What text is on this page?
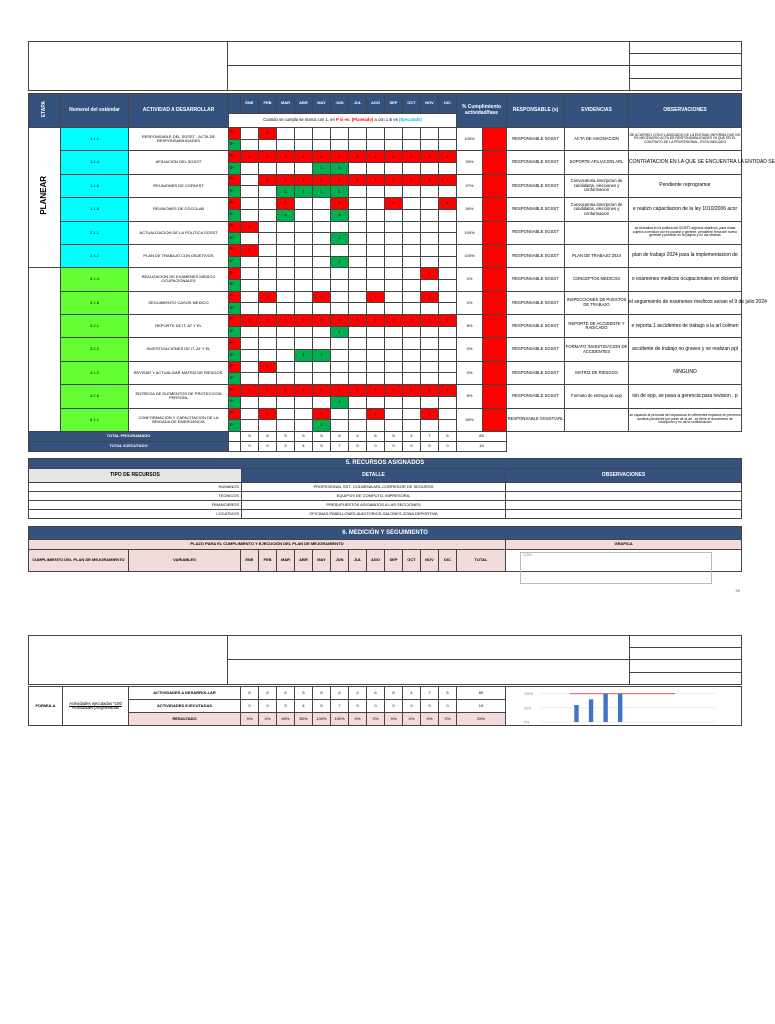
ETAPA	Numeral del estándar	ACTIVIDAD A DESARROLLAR		ENE	FEB	MAR	ABR	MAY	JUN	JUL	AGO	SEP	OCT	NOV	DIC	% Cumplimiento actividad/fase		RESPONSABLE (s)	EVIDENCIAS	OBSERVACIONES
			Cuando se cumpla se marca con 1, en P si es: (Planeado) a con 1 si es (Ejecutado)																	
PLANEAR	1.1.1	RESPONSABLE DEL SGSST - ACTA DE RESPONSABILIDADES	P*		1											100%		RESPONSABLE SGSST	ACTA DE ASIGNACION	DE ACUERDO CON EL ABOGADO DE LA ENTIDAD INFORMA QUE NO ES NECESARIO ACTA DE RESPONSABILIDADES YA QUE EN EL CONTRATO DE LA PROFESIONAL, ESTA INDICADO
			E*																	
	1.1.4	AFILIACIÓN DEL SGSST	P*	1	1	1	1	1	1	1	1	1	1	1	1	33%		RESPONSABLE SGSST	SOPORTE AFILIACION ARL	CONTRATACION EN LA QUE SE ENCUENTRA LA ENTIDAD SE
			E*					1	1											
	1.1.6	REUNIONES DE COPASST	P*		1	1	1	1	1	1	1	1	1	1	1	27%		RESPONSABLE SGSST	Convocatoria,Inscripcion de candidatos, elecciones y conformacion	Pendiente reprogramar
			E*			1	1	1	1											
	1.1.8	REUNIONES DE COCOLAB	P*			1			1			1			1	50%		RESPONSABLE SGSST	Convocatoria,Inscripcion de candidatos, elecciones y conformacion	e realizo capacitacion de la ley 1010/2006 acor
			E*			1			1											
	2.1.1	ACTUALIZACION DE LA POLITICA SGSST	P*	1												100%		RESPONSABLE SGSST		se Actualiza en la politica del SGSST algunos objetivos, para estas sujetos a revision por el copasst y gerente. pendiente firma del nuevo gerente y publicar en la pagina y en las oficinas
			E*						1											
	2.4.1	PLAN DE TRABAJO CON OBJETIVOS	P*	1												100%		RESPONSABLE SGSST	PLAN DE TRABAJO 2024	plan de trabajo 2024 para la implementacion de
			E*						1											
	3.1.4	REALIZACION DE EXAMENES MEDICO OCUPACIONALES	P*											1		0%		RESPONSABLE SGSST	CONCEPTOS MEDICOS	o examenes medicos ocupacionales en diciemb
			E*																	
	3.1.6	SEGUIMIENTO CASOS MEDICO	P*		1			1			1			1		0%		RESPONSABLE SGSST	INSPECCIONES DE PUESTOS DE TRABAJO	el seguimiento de examenes medicos senan el 9 de julio 2024
			E*																	
	3.2.1	REPORTE DE IT, AT Y EL	P*	1	1	1	1	1	1	1	1	1	1	1	1	8%		RESPONSABLE SGSST	REPORTE DE ACCIDENTE Y RADICADO	e reporta 1 accidentes de trabajo a la arl colmen
			E*						1											
	3.2.2	INVESTIGACIONES DE IT, AT Y EL	P*													0%		RESPONSABLE SGSST	FORMATO INVESTIGACION DE ACCIDENTES	accidente de trabajo no graves y se realizan ppl
			E*				1	1												
	4.1.2	REVISAR Y ACTUALIZAR MATRIZ DE RIESGOS.	P*		1											0%		RESPONSABLE SGSST	MATRIZ DE RIESGOS	NINGUNO
			E*																	
	4.2.6	ENTREGA DE ELEMENTOS DE PROTECCION PERSONL	P*	1	1	1	1	1	1	1	1	1	1	1	1	8%		RESPONSABLE SGSST	Formato de entrega de epp	ion de epp, se pasa a gerencia para revision , p
			E*						1											
	5.1.1	CONFORMACION Y CAPACITACION DE LA BRIGADA DE EMERGENCIA	P*		1			1			1			1		50%		RESPONSABLE SGSST/ARL		se capacito al personal del cripacional en diferentes espacios en primeros auxilios pendiente por parte de la arl , se tiene el documento de inscripcion y no de la conformacion
			E*					1												
TOTAL PROGRAMADO				5	8	5	5	5	6	4	6	5	4	7	5	65				
TOTAL EJECUTADO				0	0	3	4	5	7	0	0	0	0	0	0	19				
5. RECURSOS ASIGNADOS		
TIPO DE RECURSOS	DETALLE	OBSERVACIONES
HUMANOS	PROFESIONAL SST- COLMENA ARL-CORREDOR DE SEGUROS	
TECNICOS	EQUIPOS DE COMPUTO, IMPRESORA,	
FINANCIEROS	PRESUPUESTOS ASIGANDOS A LAS SECCIONES	
LOCATIVOS	OFICINAS-PABELLONES AUDITORIOS-SALONES-ZONA DEPORTIVA	
6. MEDICIÓN Y SEGUIMIENTO															
PLAZO PARA EL CUMPLIMIENTO Y EJECUCIÓN DEL PLAN DE MEJORAMIENTO															GRAFICA
CUMPLIMIENTO DEL PLAN DE MEJORAMIENTO	VARIABLES	ENE	FEB	MAR	ABR	MAY	JUN	JUL	AGO	SEP	OCT	NOV	DIC	TOTAL	120%
49

FORMULA	Actividades ejecutadas *100
Actividades programadas	ACTIVIDADES A DESARROLLAR	5	8	5	5	5	6	4	6	5	4	7	5	65	
		ACTIVIDADES EJECUTADAS	0	0	3	4	5	7	0	0	0	0	0	0	19	
		RESULTADO	0%	0%	60%	80%	100%	100%	0%	0%	0%	0%	0%	0%	29%	
100%
50%
0%
